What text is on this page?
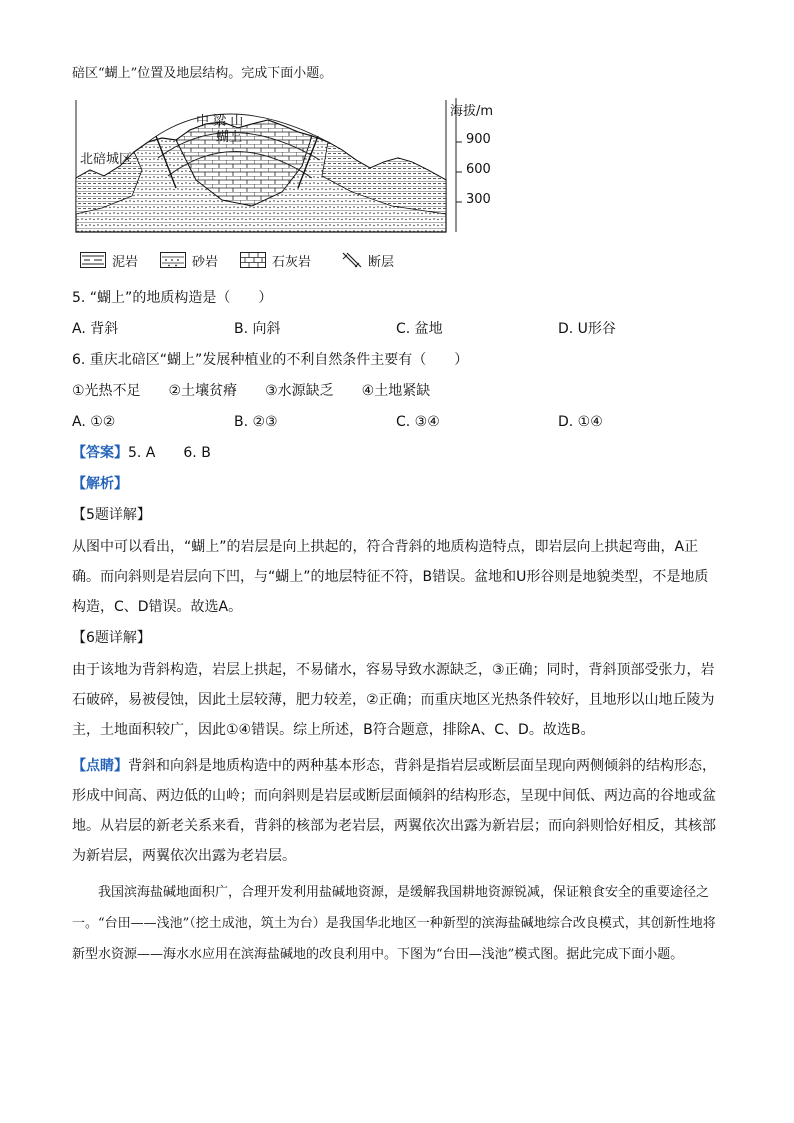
碚区“蝴上”位置及地层结构。完成下面小题。
中 梁 山
蝴上
北碚城区
海拔/m
900
600
300
泥岩	砂岩	石灰岩	断层
5. “蝴上”的地质构造是（　　）
A. 背斜	B. 向斜	C. 盆地	D. U形谷
6. 重庆北碚区“蝴上”发展种植业的不利自然条件主要有（　　）
①光热不足　　②土壤贫瘠　　③水源缺乏　　④土地紧缺
A. ①②	B. ②③	C. ③④	D. ①④
【答案】5. A　　6. B
【解析】
【5题详解】
从图中可以看出，“蝴上”的岩层是向上拱起的，符合背斜的地质构造特点，即岩层向上拱起弯曲，A正确。而向斜则是岩层向下凹，与“蝴上”的地层特征不符，B错误。盆地和U形谷则是地貌类型，不是地质构造，C、D错误。故选A。
【6题详解】
由于该地为背斜构造，岩层上拱起，不易储水，容易导致水源缺乏，③正确；同时，背斜顶部受张力，岩石破碎，易被侵蚀，因此土层较薄，肥力较差，②正确；而重庆地区光热条件较好，且地形以山地丘陵为主，土地面积较广，因此①④错误。综上所述，B符合题意，排除A、C、D。故选B。
【点睛】背斜和向斜是地质构造中的两种基本形态，背斜是指岩层或断层面呈现向两侧倾斜的结构形态，形成中间高、两边低的山岭；而向斜则是岩层或断层面倾斜的结构形态，呈现中间低、两边高的谷地或盆地。从岩层的新老关系来看，背斜的核部为老岩层，两翼依次出露为新岩层；而向斜则恰好相反，其核部为新岩层，两翼依次出露为老岩层。
　　我国滨海盐碱地面积广，合理开发利用盐碱地资源，是缓解我国耕地资源锐减，保证粮食安全的重要途径之一。“台田——浅池”（挖土成池，筑土为台）是我国华北地区一种新型的滨海盐碱地综合改良模式，其创新性地将新型水资源——海水水应用在滨海盐碱地的改良利用中。下图为“台田—浅池”模式图。据此完成下面小题。
